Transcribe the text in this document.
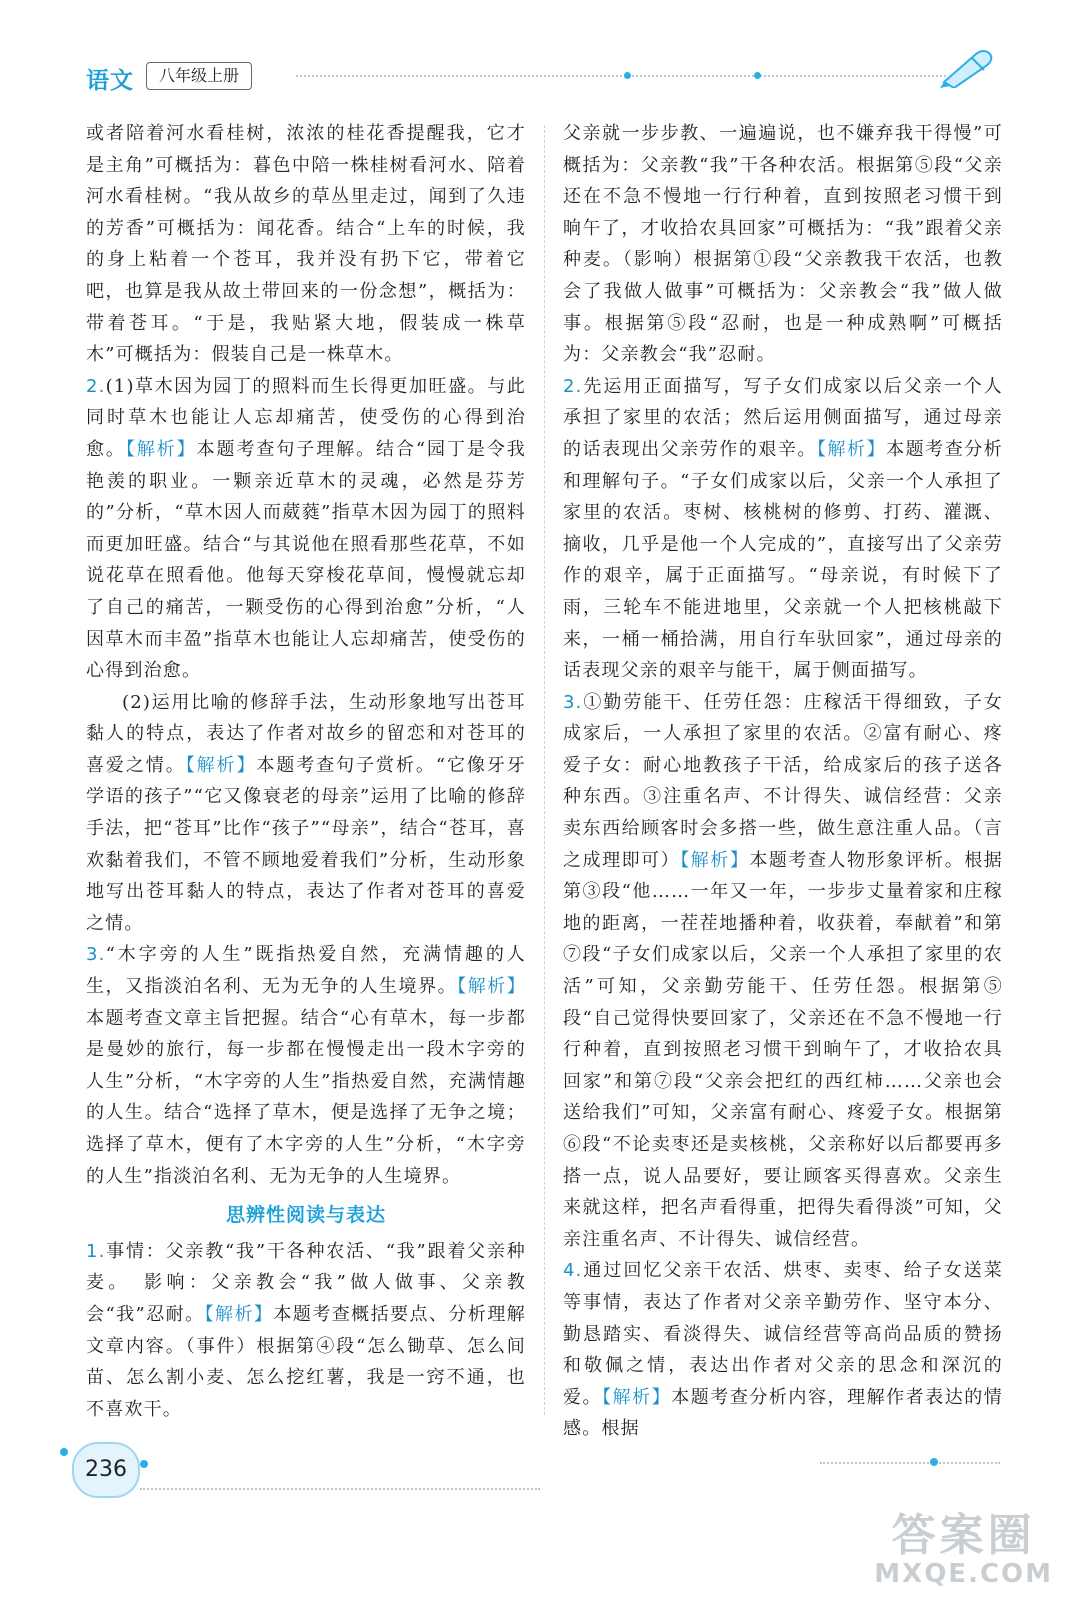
语文	八年级上册

或者陪着河水看桂树，浓浓的桂花香提醒我，它才是主角”可概括为：暮色中陪一株桂树看河水、陪着河水看桂树。“我从故乡的草丛里走过，闻到了久违的芳香”可概括为：闻花香。结合“上车的时候，我的身上粘着一个苍耳，我并没有扔下它，带着它吧，也算是我从故土带回来的一份念想”，概括为：带着苍耳。“于是，我贴紧大地，假装成一株草木”可概括为：假装自己是一株草木。

2.(1)草木因为园丁的照料而生长得更加旺盛。与此同时草木也能让人忘却痛苦，使受伤的心得到治愈。【解析】本题考查句子理解。结合“园丁是令我艳羡的职业。一颗亲近草木的灵魂，必然是芬芳的”分析，“草木因人而葳蕤”指草木因为园丁的照料而更加旺盛。结合“与其说他在照看那些花草，不如说花草在照看他。他每天穿梭花草间，慢慢就忘却了自己的痛苦，一颗受伤的心得到治愈”分析，“人因草木而丰盈”指草木也能让人忘却痛苦，使受伤的心得到治愈。

(2)运用比喻的修辞手法，生动形象地写出苍耳黏人的特点，表达了作者对故乡的留恋和对苍耳的喜爱之情。【解析】本题考查句子赏析。“它像牙牙学语的孩子”“它又像衰老的母亲”运用了比喻的修辞手法，把“苍耳”比作“孩子”“母亲”，结合“苍耳，喜欢黏着我们，不管不顾地爱着我们”分析，生动形象地写出苍耳黏人的特点，表达了作者对苍耳的喜爱之情。

3.“木字旁的人生”既指热爱自然，充满情趣的人生，又指淡泊名利、无为无争的人生境界。【解析】本题考查文章主旨把握。结合“心有草木，每一步都是曼妙的旅行，每一步都在慢慢走出一段木字旁的人生”分析，“木字旁的人生”指热爱自然，充满情趣的人生。结合“选择了草木，便是选择了无争之境；选择了草木，便有了木字旁的人生”分析，“木字旁的人生”指淡泊名利、无为无争的人生境界。

思辨性阅读与表达

1.事情：父亲教“我”干各种农活、“我”跟着父亲种麦。　影响：父亲教会“我”做人做事、父亲教会“我”忍耐。【解析】本题考查概括要点、分析理解文章内容。（事件）根据第④段“怎么锄草、怎么间苗、怎么割小麦、怎么挖红薯，我是一窍不通，也不喜欢干。

父亲就一步步教、一遍遍说，也不嫌弃我干得慢”可概括为：父亲教“我”干各种农活。根据第⑤段“父亲还在不急不慢地一行行种着，直到按照老习惯干到晌午了，才收拾农具回家”可概括为：“我”跟着父亲种麦。（影响）根据第①段“父亲教我干农活，也教会了我做人做事”可概括为：父亲教会“我”做人做事。根据第⑤段“忍耐，也是一种成熟啊”可概括为：父亲教会“我”忍耐。

2.先运用正面描写，写子女们成家以后父亲一个人承担了家里的农活；然后运用侧面描写，通过母亲的话表现出父亲劳作的艰辛。【解析】本题考查分析和理解句子。“子女们成家以后，父亲一个人承担了家里的农活。枣树、核桃树的修剪、打药、灌溉、摘收，几乎是他一个人完成的”，直接写出了父亲劳作的艰辛，属于正面描写。“母亲说，有时候下了雨，三轮车不能进地里，父亲就一个人把核桃敲下来，一桶一桶拾满，用自行车驮回家”，通过母亲的话表现父亲的艰辛与能干，属于侧面描写。

3.①勤劳能干、任劳任怨：庄稼活干得细致，子女成家后，一人承担了家里的农活。②富有耐心、疼爱子女：耐心地教孩子干活，给成家后的孩子送各种东西。③注重名声、不计得失、诚信经营：父亲卖东西给顾客时会多搭一些，做生意注重人品。（言之成理即可）【解析】本题考查人物形象评析。根据第③段“他……一年又一年，一步步丈量着家和庄稼地的距离，一茬茬地播种着，收获着，奉献着”和第⑦段“子女们成家以后，父亲一个人承担了家里的农活”可知，父亲勤劳能干、任劳任怨。根据第⑤段“自己觉得快要回家了，父亲还在不急不慢地一行行种着，直到按照老习惯干到晌午了，才收拾农具回家”和第⑦段“父亲会把红的西红柿……父亲也会送给我们”可知，父亲富有耐心、疼爱子女。根据第⑥段“不论卖枣还是卖核桃，父亲称好以后都要再多搭一点，说人品要好，要让顾客买得喜欢。父亲生来就这样，把名声看得重，把得失看得淡”可知，父亲注重名声、不计得失、诚信经营。

4.通过回忆父亲干农活、烘枣、卖枣、给子女送菜等事情，表达了作者对父亲辛勤劳作、坚守本分、勤恳踏实、看淡得失、诚信经营等高尚品质的赞扬和敬佩之情，表达出作者对父亲的思念和深沉的爱。【解析】本题考查分析内容，理解作者表达的情感。根据

236
答案圈
MXQE.COM
